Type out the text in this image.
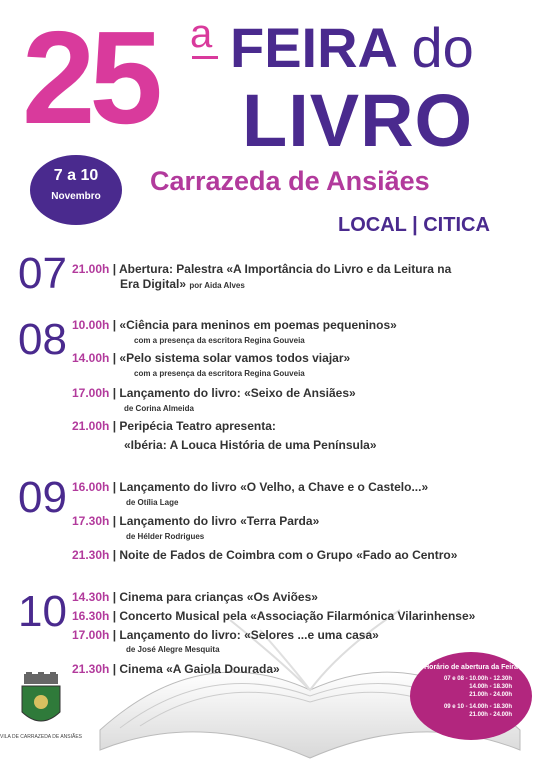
25 a FEIRA do
LIVRO
7 a 10
Novembro
Carrazeda de Ansiães
LOCAL | CITICA
VILA DE CARRAZEDA DE ANSIÃES
Horário de abertura da Feira
07 e 08 - 10.00h - 12.30h
14.00h - 18.30h
21.00h - 24.00h
09 e 10 - 14.00h - 18.30h
21.00h - 24.00h
07 21.00h | Abertura: Palestra «A Importância do Livro e da Leitura na
Era Digital» por Aida Alves
08 10.00h | «Ciência para meninos em poemas pequeninos»
com a presença da escritora Regina Gouveia
14.00h | «Pelo sistema solar vamos todos viajar»
com a presença da escritora Regina Gouveia
17.00h | Lançamento do livro: «Seixo de Ansiães»
de Corina Almeida
21.00h | Peripécia Teatro apresenta:
«Ibéria: A Louca História de uma Península»
09 16.00h | Lançamento do livro «O Velho, a Chave e o Castelo...»
de Otília Lage
17.30h | Lançamento do livro «Terra Parda»
de Hélder Rodrigues
21.30h | Noite de Fados de Coimbra com o Grupo «Fado ao Centro»
10 14.30h | Cinema para crianças «Os Aviões»
16.30h | Concerto Musical pela «Associação Filarmónica Vilarinhense»
17.00h | Lançamento do livro: «Selores ...e uma casa»
de José Alegre Mesquita
21.30h | Cinema «A Gaiola Dourada»
